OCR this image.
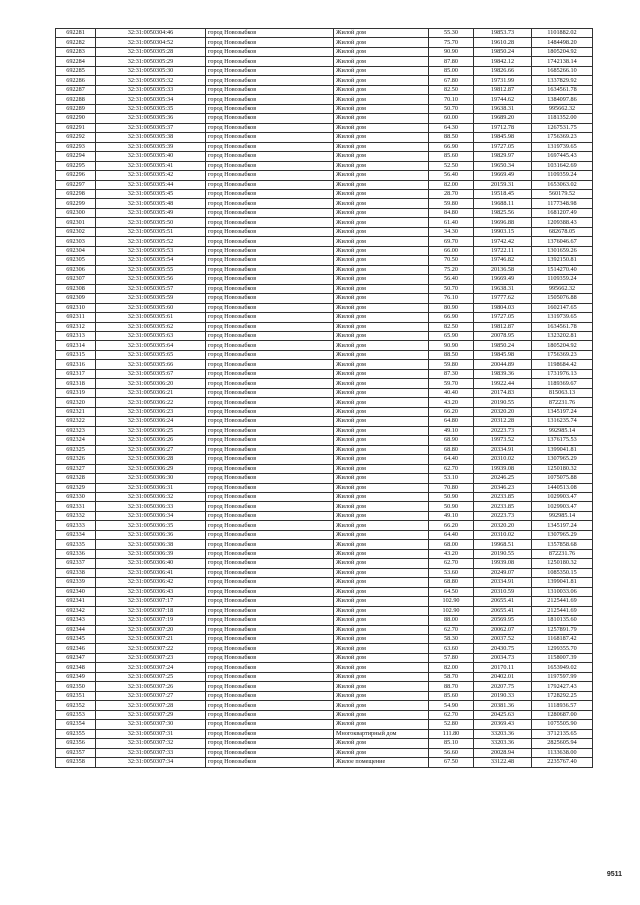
692281	32:31:0050304:46	город Новозыбков	Жилой дом	55.30	19853.73	1101882.02
692282	32:31:0050304:52	город Новозыбков	Жилой дом	75.70	19610.28	1484498.20
692283	32:31:0050305:28	город Новозыбков	Жилой дом	90.90	19850.24	1805204.92
692284	32:31:0050305:29	город Новозыбков	Жилой дом	87.80	19842.12	1742138.14
692285	32:31:0050305:30	город Новозыбков	Жилой дом	85.00	19826.66	1685266.10
692286	32:31:0050305:32	город Новозыбков	Жилой дом	67.80	19731.99	1337829.92
692287	32:31:0050305:33	город Новозыбков	Жилой дом	82.50	19812.87	1634561.78
692288	32:31:0050305:34	город Новозыбков	Жилой дом	70.10	19744.62	1384097.86
692289	32:31:0050305:35	город Новозыбков	Жилой дом	50.70	19638.31	995662.32
692290	32:31:0050305:36	город Новозыбков	Жилой дом	60.00	19689.20	1181352.00
692291	32:31:0050305:37	город Новозыбков	Жилой дом	64.30	19712.78	1267531.75
692292	32:31:0050305:38	город Новозыбков	Жилой дом	88.50	19845.98	1756369.23
692293	32:31:0050305:39	город Новозыбков	Жилой дом	66.90	19727.05	1319739.65
692294	32:31:0050305:40	город Новозыбков	Жилой дом	85.60	19829.97	1697445.43
692295	32:31:0050305:41	город Новозыбков	Жилой дом	52.50	19650.34	1031642.69
692296	32:31:0050305:42	город Новозыбков	Жилой дом	56.40	19669.49	1109359.24
692297	32:31:0050305:44	город Новозыбков	Жилой дом	82.00	20159.31	1653063.02
692298	32:31:0050305:45	город Новозыбков	Жилой дом	28.70	19518.45	560179.52
692299	32:31:0050305:48	город Новозыбков	Жилой дом	59.80	19688.11	1177348.98
692300	32:31:0050305:49	город Новозыбков	Жилой дом	84.80	19825.56	1681207.49
692301	32:31:0050305:50	город Новозыбков	Жилой дом	61.40	19696.88	1209388.43
692302	32:31:0050305:51	город Новозыбков	Жилой дом	34.30	19903.15	682678.05
692303	32:31:0050305:52	город Новозыбков	Жилой дом	69.70	19742.42	1376046.67
692304	32:31:0050305:53	город Новозыбков	Жилой дом	66.00	19722.11	1301659.26
692305	32:31:0050305:54	город Новозыбков	Жилой дом	70.50	19746.82	1392150.81
692306	32:31:0050305:55	город Новозыбков	Жилой дом	75.20	20136.58	1514270.40
692307	32:31:0050305:56	город Новозыбков	Жилой дом	56.40	19669.49	1109359.24
692308	32:31:0050305:57	город Новозыбков	Жилой дом	50.70	19638.31	995662.32
692309	32:31:0050305:59	город Новозыбков	Жилой дом	76.10	19777.62	1505076.88
692310	32:31:0050305:60	город Новозыбков	Жилой дом	80.90	19804.03	1602147.65
692311	32:31:0050305:61	город Новозыбков	Жилой дом	66.90	19727.05	1319739.65
692312	32:31:0050305:62	город Новозыбков	Жилой дом	82.50	19812.87	1634561.78
692313	32:31:0050305:63	город Новозыбков	Жилой дом	65.90	20078.95	1323202.81
692314	32:31:0050305:64	город Новозыбков	Жилой дом	90.90	19850.24	1805204.92
692315	32:31:0050305:65	город Новозыбков	Жилой дом	88.50	19845.98	1756369.23
692316	32:31:0050305:66	город Новозыбков	Жилой дом	59.80	20044.89	1198684.42
692317	32:31:0050305:67	город Новозыбков	Жилой дом	87.30	19839.36	1731976.13
692318	32:31:0050306:20	город Новозыбков	Жилой дом	59.70	19922.44	1189369.67
692319	32:31:0050306:21	город Новозыбков	Жилой дом	40.40	20174.83	815063.13
692320	32:31:0050306:22	город Новозыбков	Жилой дом	43.20	20190.55	872231.76
692321	32:31:0050306:23	город Новозыбков	Жилой дом	66.20	20320.20	1345197.24
692322	32:31:0050306:24	город Новозыбков	Жилой дом	64.80	20312.28	1316235.74
692323	32:31:0050306:25	город Новозыбков	Жилой дом	49.10	20223.73	992985.14
692324	32:31:0050306:26	город Новозыбков	Жилой дом	68.90	19973.52	1376175.53
692325	32:31:0050306:27	город Новозыбков	Жилой дом	68.80	20334.91	1399041.81
692326	32:31:0050306:28	город Новозыбков	Жилой дом	64.40	20310.02	1307965.29
692327	32:31:0050306:29	город Новозыбков	Жилой дом	62.70	19939.08	1250180.32
692328	32:31:0050306:30	город Новозыбков	Жилой дом	53.10	20246.25	1075075.88
692329	32:31:0050306:31	город Новозыбков	Жилой дом	70.80	20346.23	1440513.08
692330	32:31:0050306:32	город Новозыбков	Жилой дом	50.90	20233.85	1029903.47
692331	32:31:0050306:33	город Новозыбков	Жилой дом	50.90	20233.85	1029903.47
692332	32:31:0050306:34	город Новозыбков	Жилой дом	49.10	20223.73	992985.14
692333	32:31:0050306:35	город Новозыбков	Жилой дом	66.20	20320.20	1345197.24
692334	32:31:0050306:36	город Новозыбков	Жилой дом	64.40	20310.02	1307965.29
692335	32:31:0050306:38	город Новозыбков	Жилой дом	68.00	19968.51	1357858.68
692336	32:31:0050306:39	город Новозыбков	Жилой дом	43.20	20190.55	872231.76
692337	32:31:0050306:40	город Новозыбков	Жилой дом	62.70	19939.08	1250180.32
692338	32:31:0050306:41	город Новозыбков	Жилой дом	53.60	20249.07	1085350.15
692339	32:31:0050306:42	город Новозыбков	Жилой дом	68.80	20334.91	1399041.81
692340	32:31:0050306:43	город Новозыбков	Жилой дом	64.50	20310.59	1310033.06
692341	32:31:0050307:17	город Новозыбков	Жилой дом	102.90	20655.41	2125441.69
692342	32:31:0050307:18	город Новозыбков	Жилой дом	102.90	20655.41	2125441.69
692343	32:31:0050307:19	город Новозыбков	Жилой дом	88.00	20569.95	1810135.60
692344	32:31:0050307:20	город Новозыбков	Жилой дом	62.70	20062.07	1257891.79
692345	32:31:0050307:21	город Новозыбков	Жилой дом	58.30	20037.52	1168187.42
692346	32:31:0050307:22	город Новозыбков	Жилой дом	63.60	20430.75	1299355.70
692347	32:31:0050307:23	город Новозыбков	Жилой дом	57.80	20034.73	1158007.39
692348	32:31:0050307:24	город Новозыбков	Жилой дом	82.00	20170.11	1653949.02
692349	32:31:0050307:25	город Новозыбков	Жилой дом	58.70	20402.01	1197597.99
692350	32:31:0050307:26	город Новозыбков	Жилой дом	88.70	20207.75	1792427.43
692351	32:31:0050307:27	город Новозыбков	Жилой дом	85.60	20190.33	1728292.25
692352	32:31:0050307:28	город Новозыбков	Жилой дом	54.90	20381.36	1118936.57
692353	32:31:0050307:29	город Новозыбков	Жилой дом	62.70	20425.63	1280687.00
692354	32:31:0050307:30	город Новозыбков	Жилой дом	52.80	20369.43	1075505.90
692355	32:31:0050307:31	город Новозыбков	Многоквартирный дом	111.80	33203.36	3712135.65
692356	32:31:0050307:32	город Новозыбков	Жилой дом	85.10	33203.36	2825605.94
692357	32:31:0050307:33	город Новозыбков	Жилой дом	56.60	20028.94	1133638.00
692358	32:31:0050307:34	город Новозыбков	Жилое помещение	67.50	33122.48	2235767.40
9511
